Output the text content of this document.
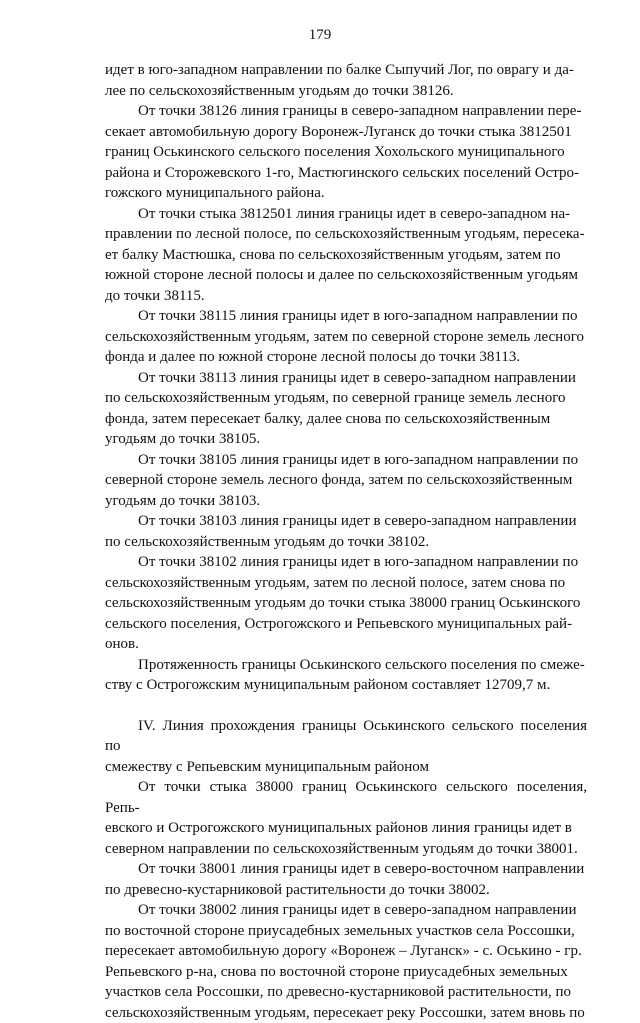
179

идет в юго-западном направлении по балке Сыпучий Лог, по оврагу и да-
лее по сельскохозяйственным угодьям до точки 38126.

От точки 38126 линия границы в северо-западном направлении пере-
секает автомобильную дорогу Воронеж-Луганск до точки стыка 3812501
границ Оськинского сельского поселения Хохольского муниципального
района и Сторожевского 1-го, Мастюгинского сельских поселений Остро-
гожского муниципального района.

От точки стыка 3812501 линия границы идет в северо-западном на-
правлении по лесной полосе, по сельскохозяйственным угодьям, пересека-
ет балку Мастюшка, снова по сельскохозяйственным угодьям, затем по
южной стороне лесной полосы и далее по сельскохозяйственным угодьям
до точки 38115.

От точки 38115 линия границы идет в юго-западном направлении по
сельскохозяйственным угодьям, затем по северной стороне земель лесного
фонда и далее по южной стороне лесной полосы до точки 38113.

От точки 38113 линия границы идет в северо-западном направлении
по сельскохозяйственным угодьям, по северной границе земель лесного
фонда, затем пересекает балку, далее снова по сельскохозяйственным
угодьям до точки 38105.

От точки 38105 линия границы идет в юго-западном направлении по
северной стороне земель лесного фонда, затем по сельскохозяйственным
угодьям до точки 38103.

От точки 38103 линия границы идет в северо-западном направлении
по сельскохозяйственным угодьям до точки 38102.

От точки 38102 линия границы идет в юго-западном направлении по
сельскохозяйственным угодьям, затем по лесной полосе, затем снова по
сельскохозяйственным угодьям до точки стыка 38000 границ Оськинского
сельского поселения, Острогожского и Репьевского муниципальных рай-
онов.

Протяженность границы Оськинского сельского поселения по смеже-
ству с Острогожским муниципальным районом составляет 12709,7 м.

IV. Линия прохождения границы Оськинского сельского поселения по
смежеству с Репьевским муниципальным районом

От точки стыка 38000 границ Оськинского сельского поселения, Репь-
евского и Острогожского муниципальных районов линия границы идет в
северном направлении по сельскохозяйственным угодьям до точки 38001.

От точки 38001 линия границы идет в северо-восточном направлении
по древесно-кустарниковой растительности до точки 38002.

От точки 38002 линия границы идет в северо-западном направлении
по восточной стороне приусадебных земельных участков села Россошки,
пересекает автомобильную дорогу «Воронеж – Луганск» - с. Оськино - гр.
Репьевского р-на, снова по восточной стороне приусадебных земельных
участков села Россошки, по древесно-кустарниковой растительности, по
сельскохозяйственным угодьям, пересекает реку Россошки, затем вновь по
